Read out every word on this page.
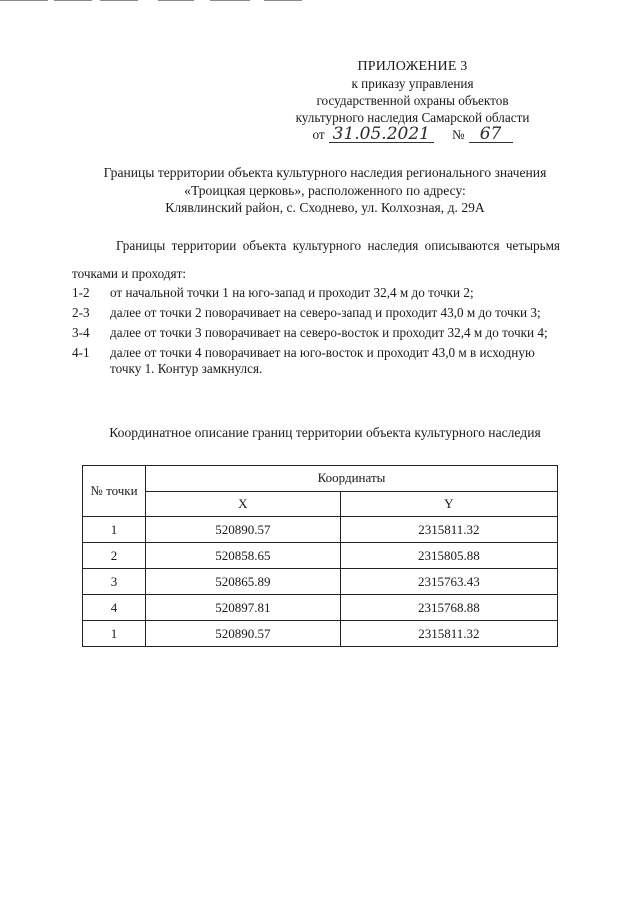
ПРИЛОЖЕНИЕ 3
к приказу управления
государственной охраны объектов
культурного наследия Самарской области
от 31.05.2021	№ 67
Границы территории объекта культурного наследия регионального значения
«Троицкая церковь», расположенного по адресу:
Клявлинский район, с. Сходнево, ул. Колхозная, д. 29А
Границы территории объекта культурного наследия описываются четырьмя точками и проходят:
1-2	от начальной точки 1 на юго-запад и проходит 32,4 м до точки 2;
2-3	далее от точки 2 поворачивает на северо-запад и проходит 43,0 м до точки 3;
3-4	далее от точки 3 поворачивает на северо-восток и проходит 32,4 м до точки 4;
4-1	далее от точки 4 поворачивает на юго-восток и проходит 43,0 м в исходную точку 1. Контур замкнулся.
Координатное описание границ территории объекта культурного наследия
№ точки	Координаты	
	X	Y
1	520890.57	2315811.32
2	520858.65	2315805.88
3	520865.89	2315763.43
4	520897.81	2315768.88
1	520890.57	2315811.32
